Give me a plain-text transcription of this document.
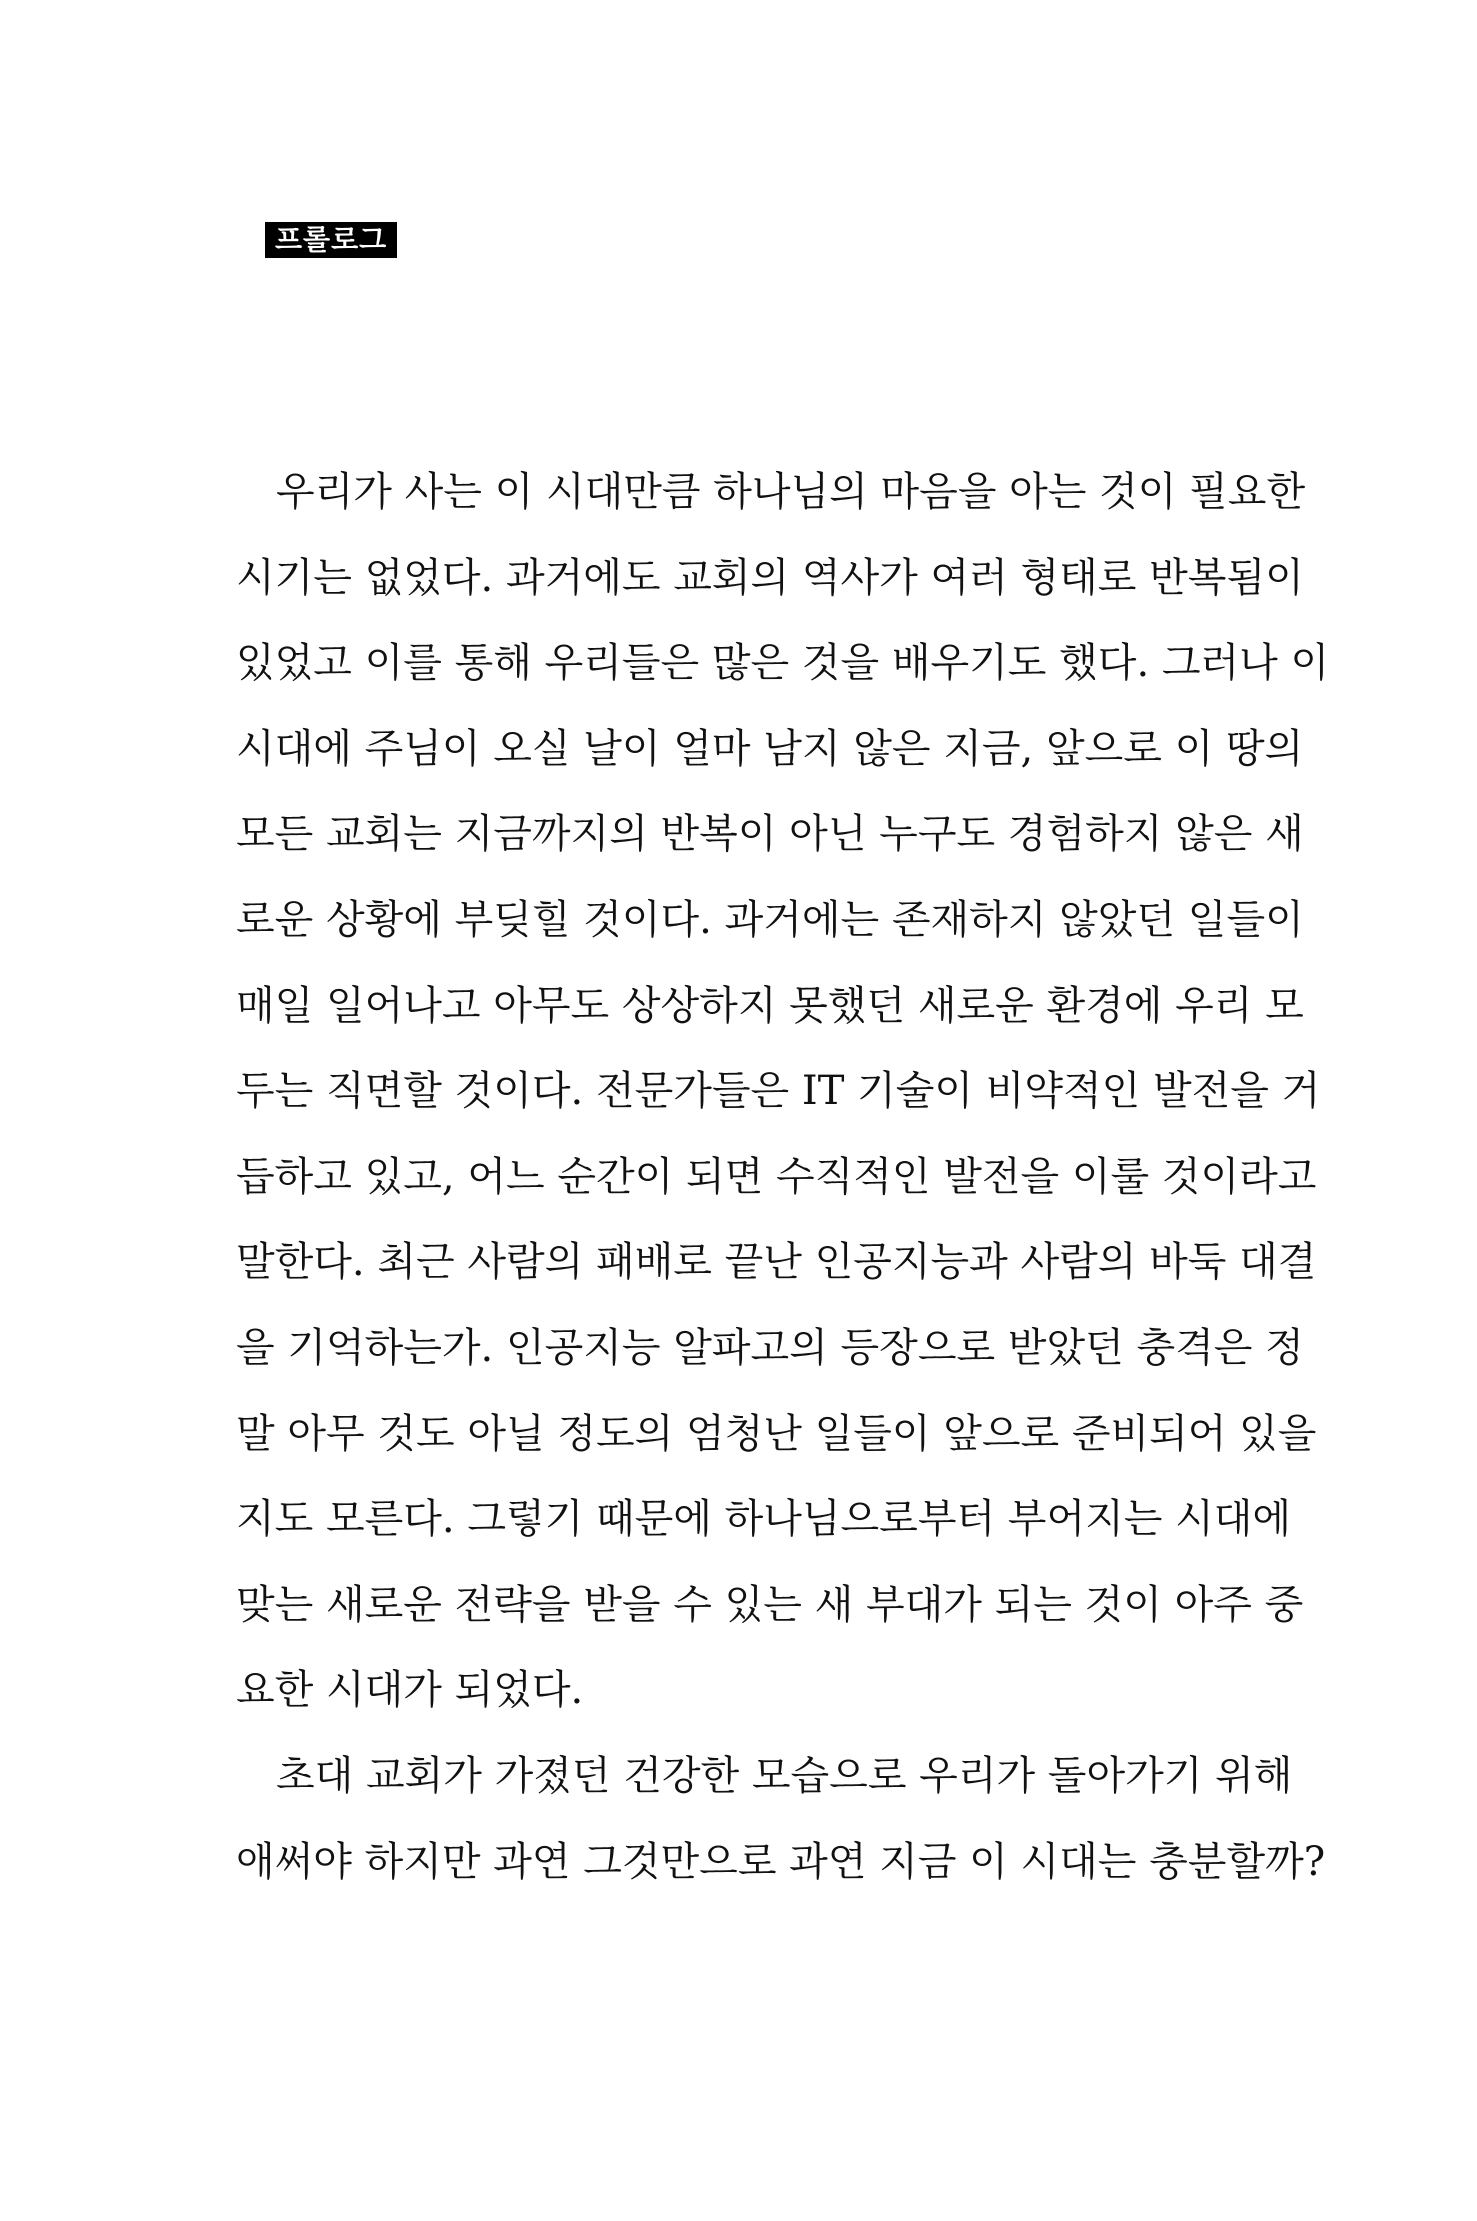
프롤로그
우리가 사는 이 시대만큼 하나님의 마음을 아는 것이 필요한
시기는 없었다. 과거에도 교회의 역사가 여러 형태로 반복됨이
있었고 이를 통해 우리들은 많은 것을 배우기도 했다. 그러나 이
시대에 주님이 오실 날이 얼마 남지 않은 지금, 앞으로 이 땅의
모든 교회는 지금까지의 반복이 아닌 누구도 경험하지 않은 새
로운 상황에 부딪힐 것이다. 과거에는 존재하지 않았던 일들이
매일 일어나고 아무도 상상하지 못했던 새로운 환경에 우리 모
두는 직면할 것이다. 전문가들은 IT 기술이 비약적인 발전을 거
듭하고 있고, 어느 순간이 되면 수직적인 발전을 이룰 것이라고
말한다. 최근 사람의 패배로 끝난 인공지능과 사람의 바둑 대결
을 기억하는가. 인공지능 알파고의 등장으로 받았던 충격은 정
말 아무 것도 아닐 정도의 엄청난 일들이 앞으로 준비되어 있을
지도 모른다. 그렇기 때문에 하나님으로부터 부어지는 시대에
맞는 새로운 전략을 받을 수 있는 새 부대가 되는 것이 아주 중
요한 시대가 되었다.
초대 교회가 가졌던 건강한 모습으로 우리가 돌아가기 위해
애써야 하지만 과연 그것만으로 과연 지금 이 시대는 충분할까?
